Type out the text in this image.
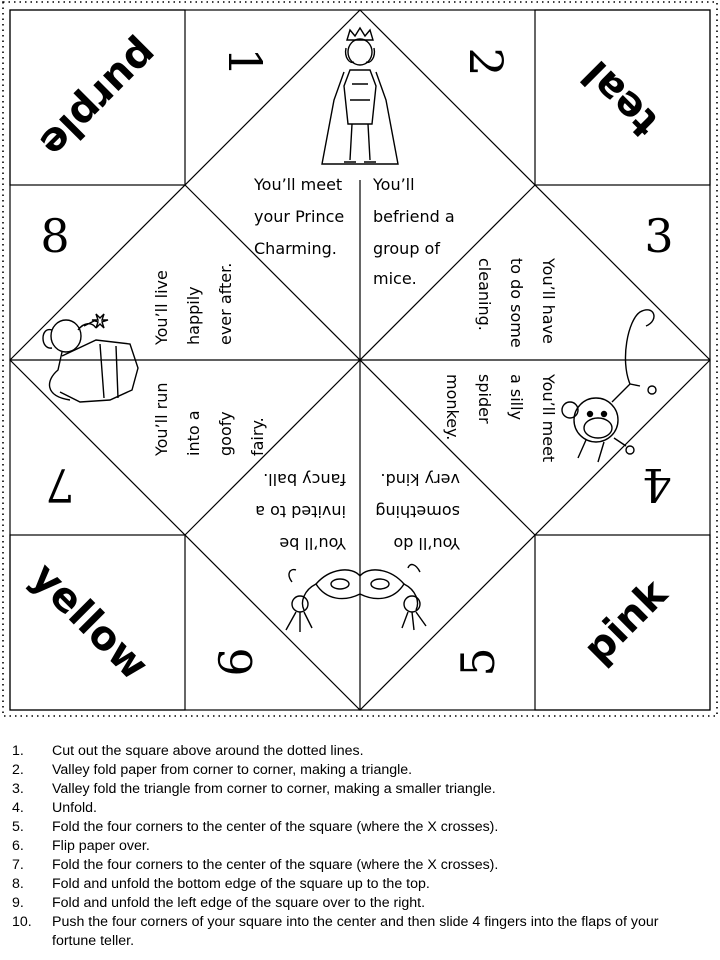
purple	teal
yellow	pink
1	2
3
4
5
6
7
8
You’ll meet
your Prince
Charming.
You’ll
befriend a
group of
mice.	You’ll have
to do some
cleaning.
You’ll meet
a silly
spider
monkey.
You’ll do
something
very kind.
You’ll be
invited to a
fancy ball.
You’ll run into a goofy fairy.
You’ll live happily ever after.
1.	Cut out the square above around the dotted lines.
2.	Valley fold paper from corner to corner, making a triangle.
3.	Valley fold the triangle from corner to corner, making a smaller triangle.
4.	Unfold.
5.	Fold the four corners to the center of the square (where the X crosses).
6.	Flip paper over.
7.	Fold the four corners to the center of the square (where the X crosses).
8.	Fold and unfold the bottom edge of the square up to the top.
9.	Fold and unfold the left edge of the square over to the right.
10.	Push the four corners of your square into the center and then slide 4 fingers into the flaps of your fortune teller.
